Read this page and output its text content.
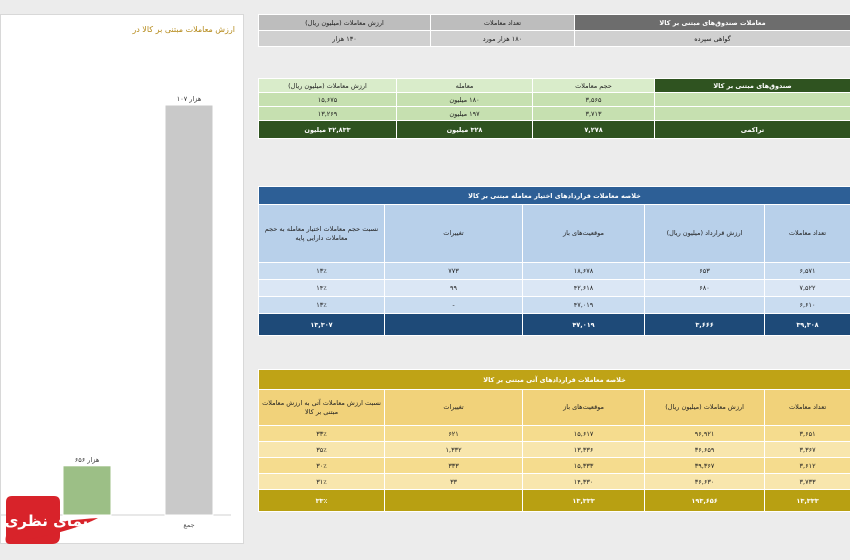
ارزش معاملات مبتنی بر کالا در
۶۵۶ هزار
۱۰۷ هزار
جمع
معاملات صندوق‌های مبتنی بر کالا	تعداد معاملات	ارزش معاملات (میلیون ریال)
گواهی سپرده	۱۸۰ هزار مورد	۱۳۰ هزار
صندوق‌های مبتنی بر کالا	حجم معاملات	معامله	ارزش معاملات (میلیون ریال)
	۳,۵۶۵	۱۸۰ میلیون	۱۵,۶۷۵
	۳,۷۱۳	۱۹۷ میلیون	۱۳,۲۶۹
تراکمی	۷,۲۷۸	۳۲۸ میلیون	۳۲,۸۳۳ میلیون
خلاصه معاملات قراردادهای اختیار معامله مبتنی بر کالا				
تعداد معاملات	ارزش قرارداد (میلیون ریال)	موقعیت‌های باز	تغییرات	نسبت حجم معاملات اختیار معامله به حجم معاملات دارایی پایه
۶,۵۷۱	۶۵۳	۱۸,۶۷۸	۷۷۳	۱۳٪
۷,۵۲۲	۶۸۰	۴۲,۶۱۸	۹۹	۱۴٪
۶,۶۱۰		۴۷,۰۱۹	-	۱۳٪
۳۹,۳۰۸	۳,۶۶۶	۴۷,۰۱۹		۱۳,۳۰۷
خلاصه معاملات قراردادهای آتی مبتنی بر کالا				
تعداد معاملات	ارزش معاملات (میلیون ریال)	موقعیت‌های باز	تغییرات	نسبت ارزش معاملات آتی به ارزش معاملات مبتنی بر کالا
۳,۶۵۱	۹۶,۹۲۱	۱۵,۶۱۷	۶۲۱	۳۳٪
۳,۳۶۷	۳۶,۶۵۹	۱۳,۳۳۶	۱,۳۳۲	۳۵٪
۳,۶۱۲	۳۹,۳۶۷	۱۵,۳۳۳	۳۳۳	۳۰٪
۳,۷۳۳	۳۶,۶۳۰	۱۴,۳۳۰	۳۳	۳۱٪
۱۳,۳۳۳	۱۹۳,۶۵۶	۱۳,۳۳۳		۳۳٪
سیمای نظری
